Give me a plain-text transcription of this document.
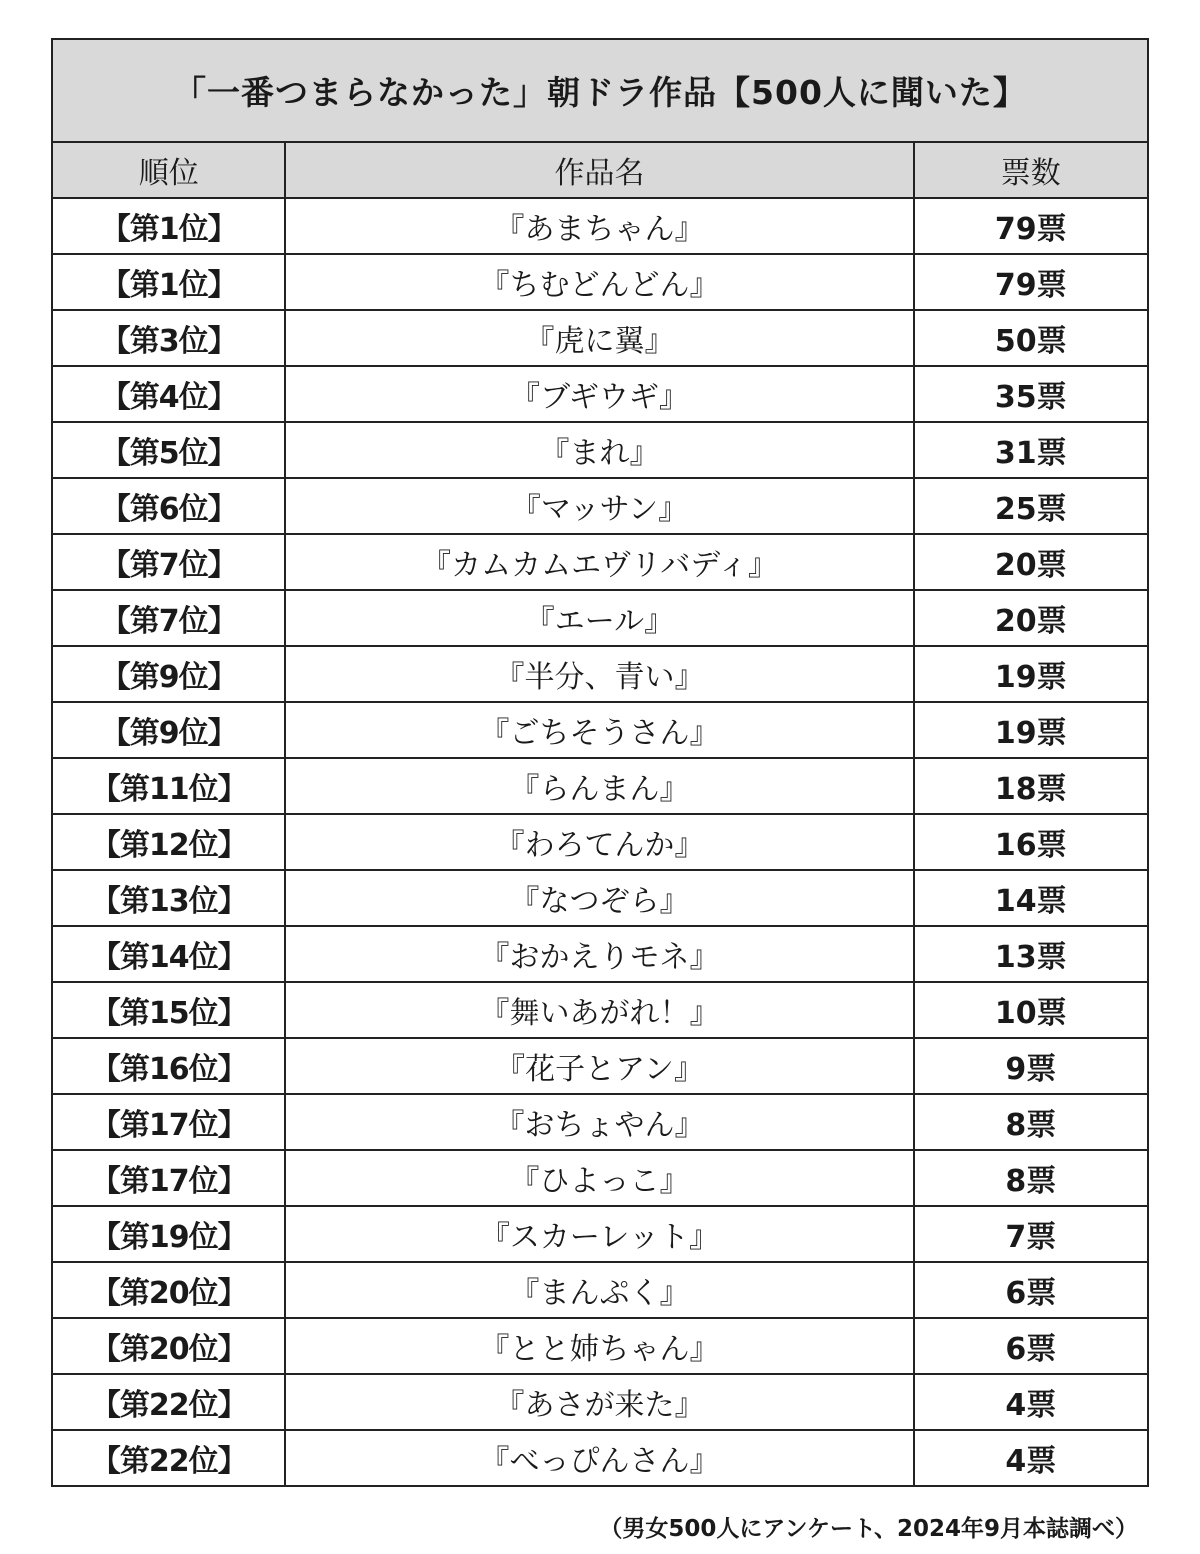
「一番つまらなかった」朝ドラ作品【500人に聞いた】		
順位	作品名	票数
【第1位】	『あまちゃん』	79票
【第1位】	『ちむどんどん』	79票
【第3位】	『虎に翼』	50票
【第4位】	『ブギウギ』	35票
【第5位】	『まれ』	31票
【第6位】	『マッサン』	25票
【第7位】	『カムカムエヴリバディ』	20票
【第7位】	『エール』	20票
【第9位】	『半分、青い』	19票
【第9位】	『ごちそうさん』	19票
【第11位】	『らんまん』	18票
【第12位】	『わろてんか』	16票
【第13位】	『なつぞら』	14票
【第14位】	『おかえりモネ』	13票
【第15位】	『舞いあがれ！』	10票
【第16位】	『花子とアン』	9票
【第17位】	『おちょやん』	8票
【第17位】	『ひよっこ』	8票
【第19位】	『スカーレット』	7票
【第20位】	『まんぷく』	6票
【第20位】	『とと姉ちゃん』	6票
【第22位】	『あさが来た』	4票
【第22位】	『べっぴんさん』	4票
（男女500人にアンケート、2024年9月本誌調べ）
